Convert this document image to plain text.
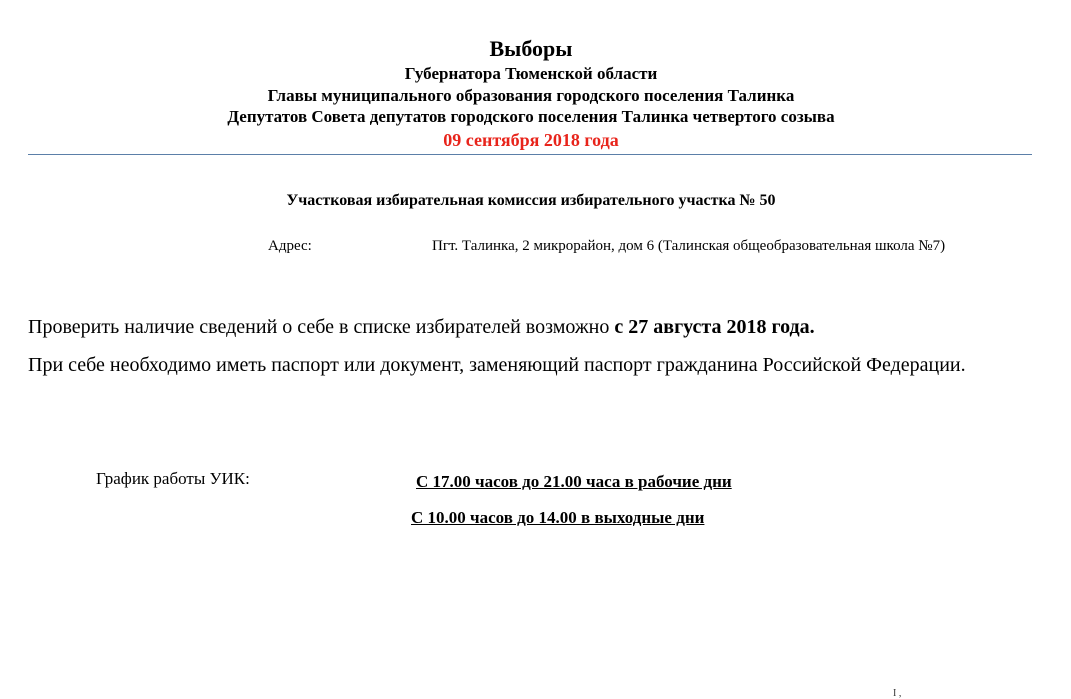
Выборы
Губернатора Тюменской области
Главы муниципального образования городского поселения Талинка
Депутатов Совета депутатов городского поселения Талинка четвертого созыва
09 сентября 2018 года
Участковая избирательная комиссия избирательного участка № 50
Адрес:	Пгт. Талинка, 2 микрорайон, дом 6 (Талинская общеобразовательная школа №7)
Проверить наличие сведений о себе в списке избирателей возможно с 27 августа 2018 года.
При себе необходимо иметь паспорт или документ, заменяющий паспорт гражданина Российской Федерации.
График работы УИК:	С 17.00 часов до 21.00 часа в рабочие дни
С 10.00 часов до 14.00 в выходные дни
Ι ,
